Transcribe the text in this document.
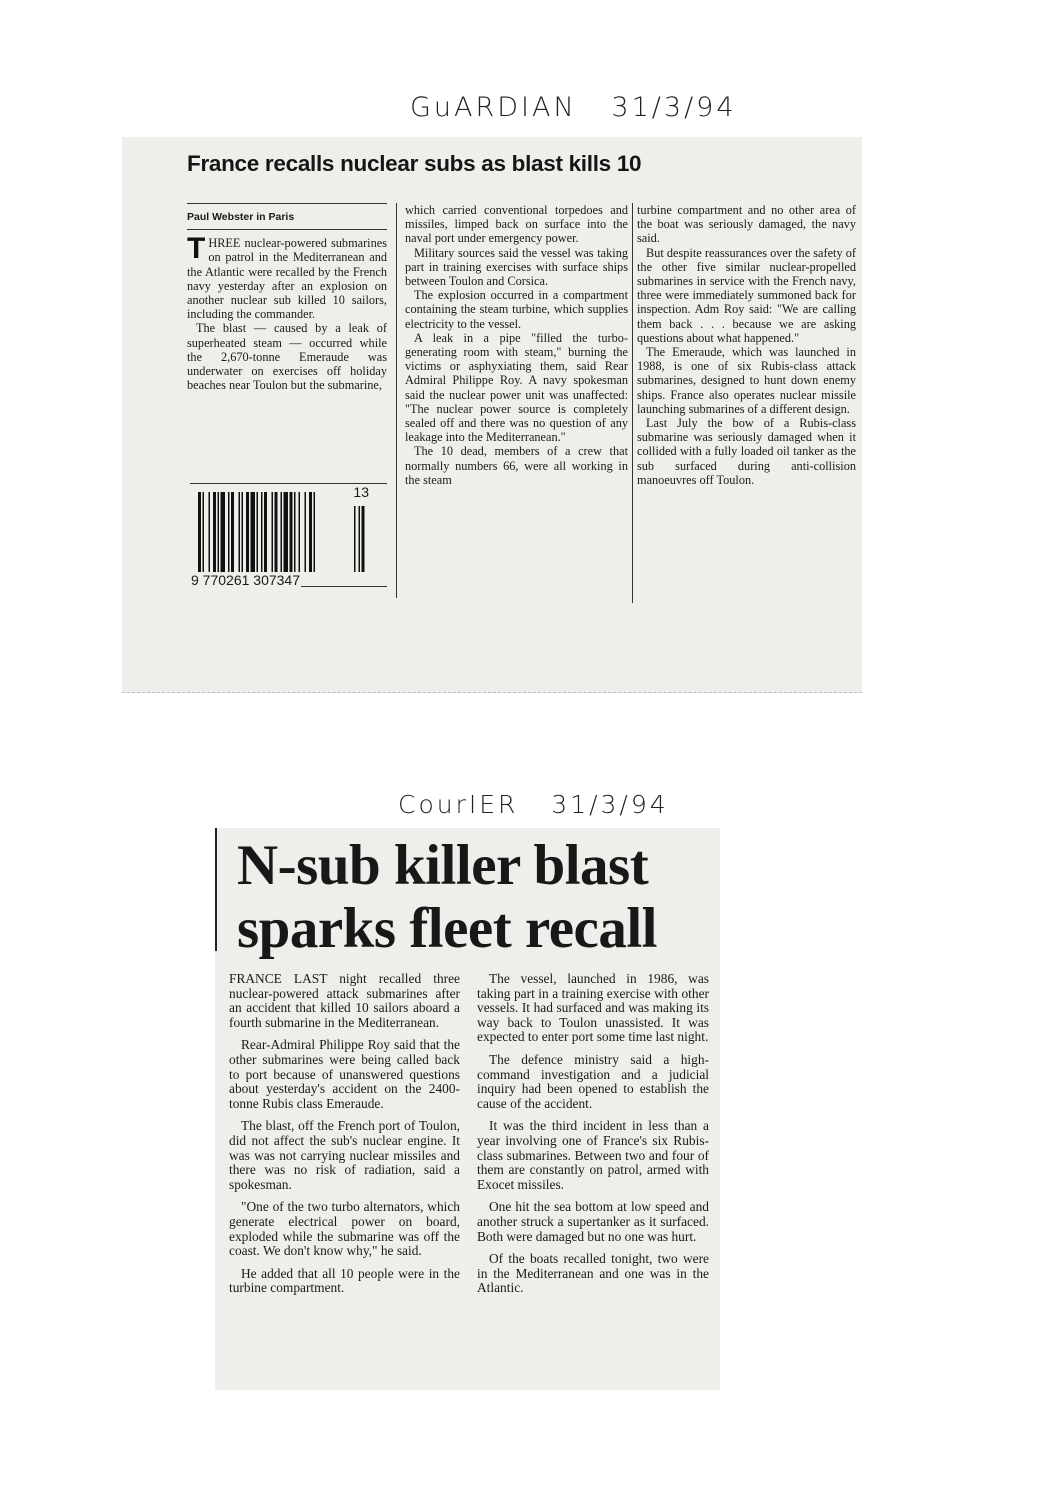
GuARDIAN   31/3/94
France recalls nuclear subs as blast kills 10
Paul Webster in Paris

THREE nuclear-powered submarines on patrol in the Mediterranean and the Atlantic were recalled by the French navy yesterday after an explosion on another nuclear sub killed 10 sailors, including the commander.

The blast — caused by a leak of superheated steam — occurred while the 2,670-tonne Emeraude was underwater on exercises off holiday beaches near Toulon but the submarine,

13
9 770261 307347

which carried conventional torpedoes and missiles, limped back on surface into the naval port under emergency power.

Military sources said the vessel was taking part in training exercises with surface ships between Toulon and Corsica.

The explosion occurred in a compartment containing the steam turbine, which supplies electricity to the vessel.

A leak in a pipe "filled the turbo-generating room with steam," burning the victims or asphyxiating them, said Rear Admiral Philippe Roy. A navy spokesman said the nuclear power unit was unaffected: "The nuclear power source is completely sealed off and there was no question of any leakage into the Mediterranean."

The 10 dead, members of a crew that normally numbers 66, were all working in the steam

turbine compartment and no other area of the boat was seriously damaged, the navy said.

But despite reassurances over the safety of the other five similar nuclear-propelled submarines in service with the French navy, three were immediately summoned back for inspection. Adm Roy said: "We are calling them back . . . because we are asking questions about what happened."

The Emeraude, which was launched in 1988, is one of six Rubis-class attack submarines, designed to hunt down enemy ships. France also operates nuclear missile launching submarines of a different design.

Last July the bow of a Rubis-class submarine was seriously damaged when it collided with a fully loaded oil tanker as the sub surfaced during anti-collision manoeuvres off Toulon.

CourIER   31/3/94
N-sub killer blast
sparks fleet recall

FRANCE LAST night recalled three nuclear-powered attack submarines after an accident that killed 10 sailors aboard a fourth submarine in the Mediterranean.

Rear-Admiral Philippe Roy said that the other submarines were being called back to port because of unanswered questions about yesterday's accident on the 2400-tonne Rubis class Emeraude.

The blast, off the French port of Toulon, did not affect the sub's nuclear engine. It was was not carrying nuclear missiles and there was no risk of radiation, said a spokesman.

"One of the two turbo alternators, which generate electrical power on board, exploded while the submarine was off the coast. We don't know why," he said.

He added that all 10 people were in the turbine compartment.

The vessel, launched in 1986, was taking part in a training exercise with other vessels. It had surfaced and was making its way back to Toulon unassisted. It was expected to enter port some time last night.

The defence ministry said a high-command investigation and a judicial inquiry had been opened to establish the cause of the accident.

It was the third incident in less than a year involving one of France's six Rubis-class submarines. Between two and four of them are constantly on patrol, armed with Exocet missiles.

One hit the sea bottom at low speed and another struck a supertanker as it surfaced. Both were damaged but no one was hurt.

Of the boats recalled tonight, two were in the Mediterranean and one was in the Atlantic.
